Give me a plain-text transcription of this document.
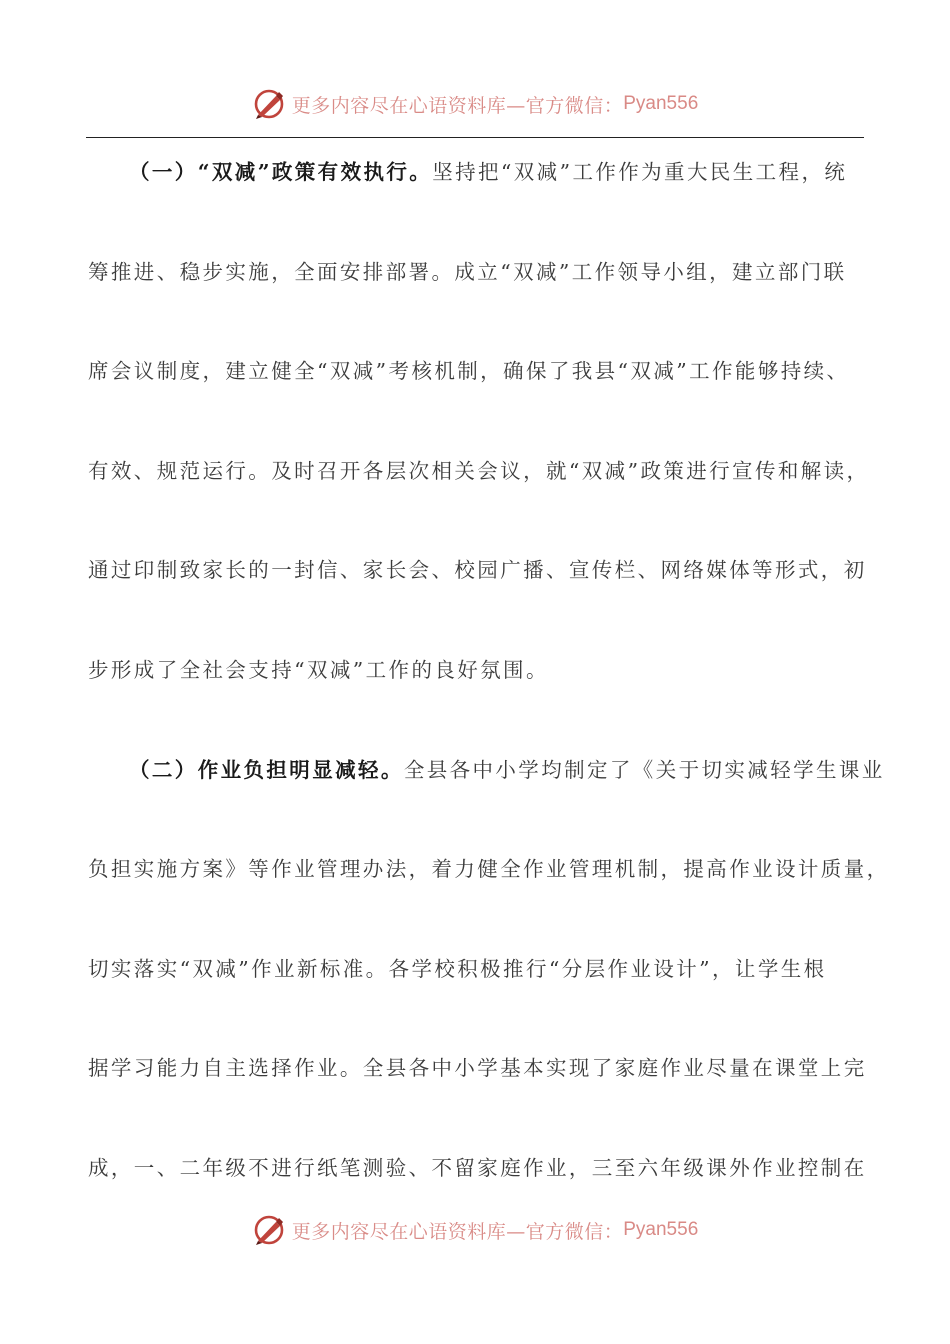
更多内容尽在心语资料库—官方微信： Pyan556
（一）“双减”政策有效执行。坚持把“双减”工作作为重大民生工程，统
筹推进、稳步实施，全面安排部署。成立“双减”工作领导小组，建立部门联
席会议制度，建立健全“双减”考核机制，确保了我县“双减”工作能够持续、
有效、规范运行。及时召开各层次相关会议，就“双减”政策进行宣传和解读，
通过印制致家长的一封信、家长会、校园广播、宣传栏、网络媒体等形式，初
步形成了全社会支持“双减”工作的良好氛围。
（二）作业负担明显减轻。全县各中小学均制定了《关于切实减轻学生课业
负担实施方案》等作业管理办法，着力健全作业管理机制，提高作业设计质量，
切实落实“双减”作业新标准。各学校积极推行“分层作业设计”，让学生根
据学习能力自主选择作业。全县各中小学基本实现了家庭作业尽量在课堂上完
成，一、二年级不进行纸笔测验、不留家庭作业，三至六年级课外作业控制在
更多内容尽在心语资料库—官方微信： Pyan556
